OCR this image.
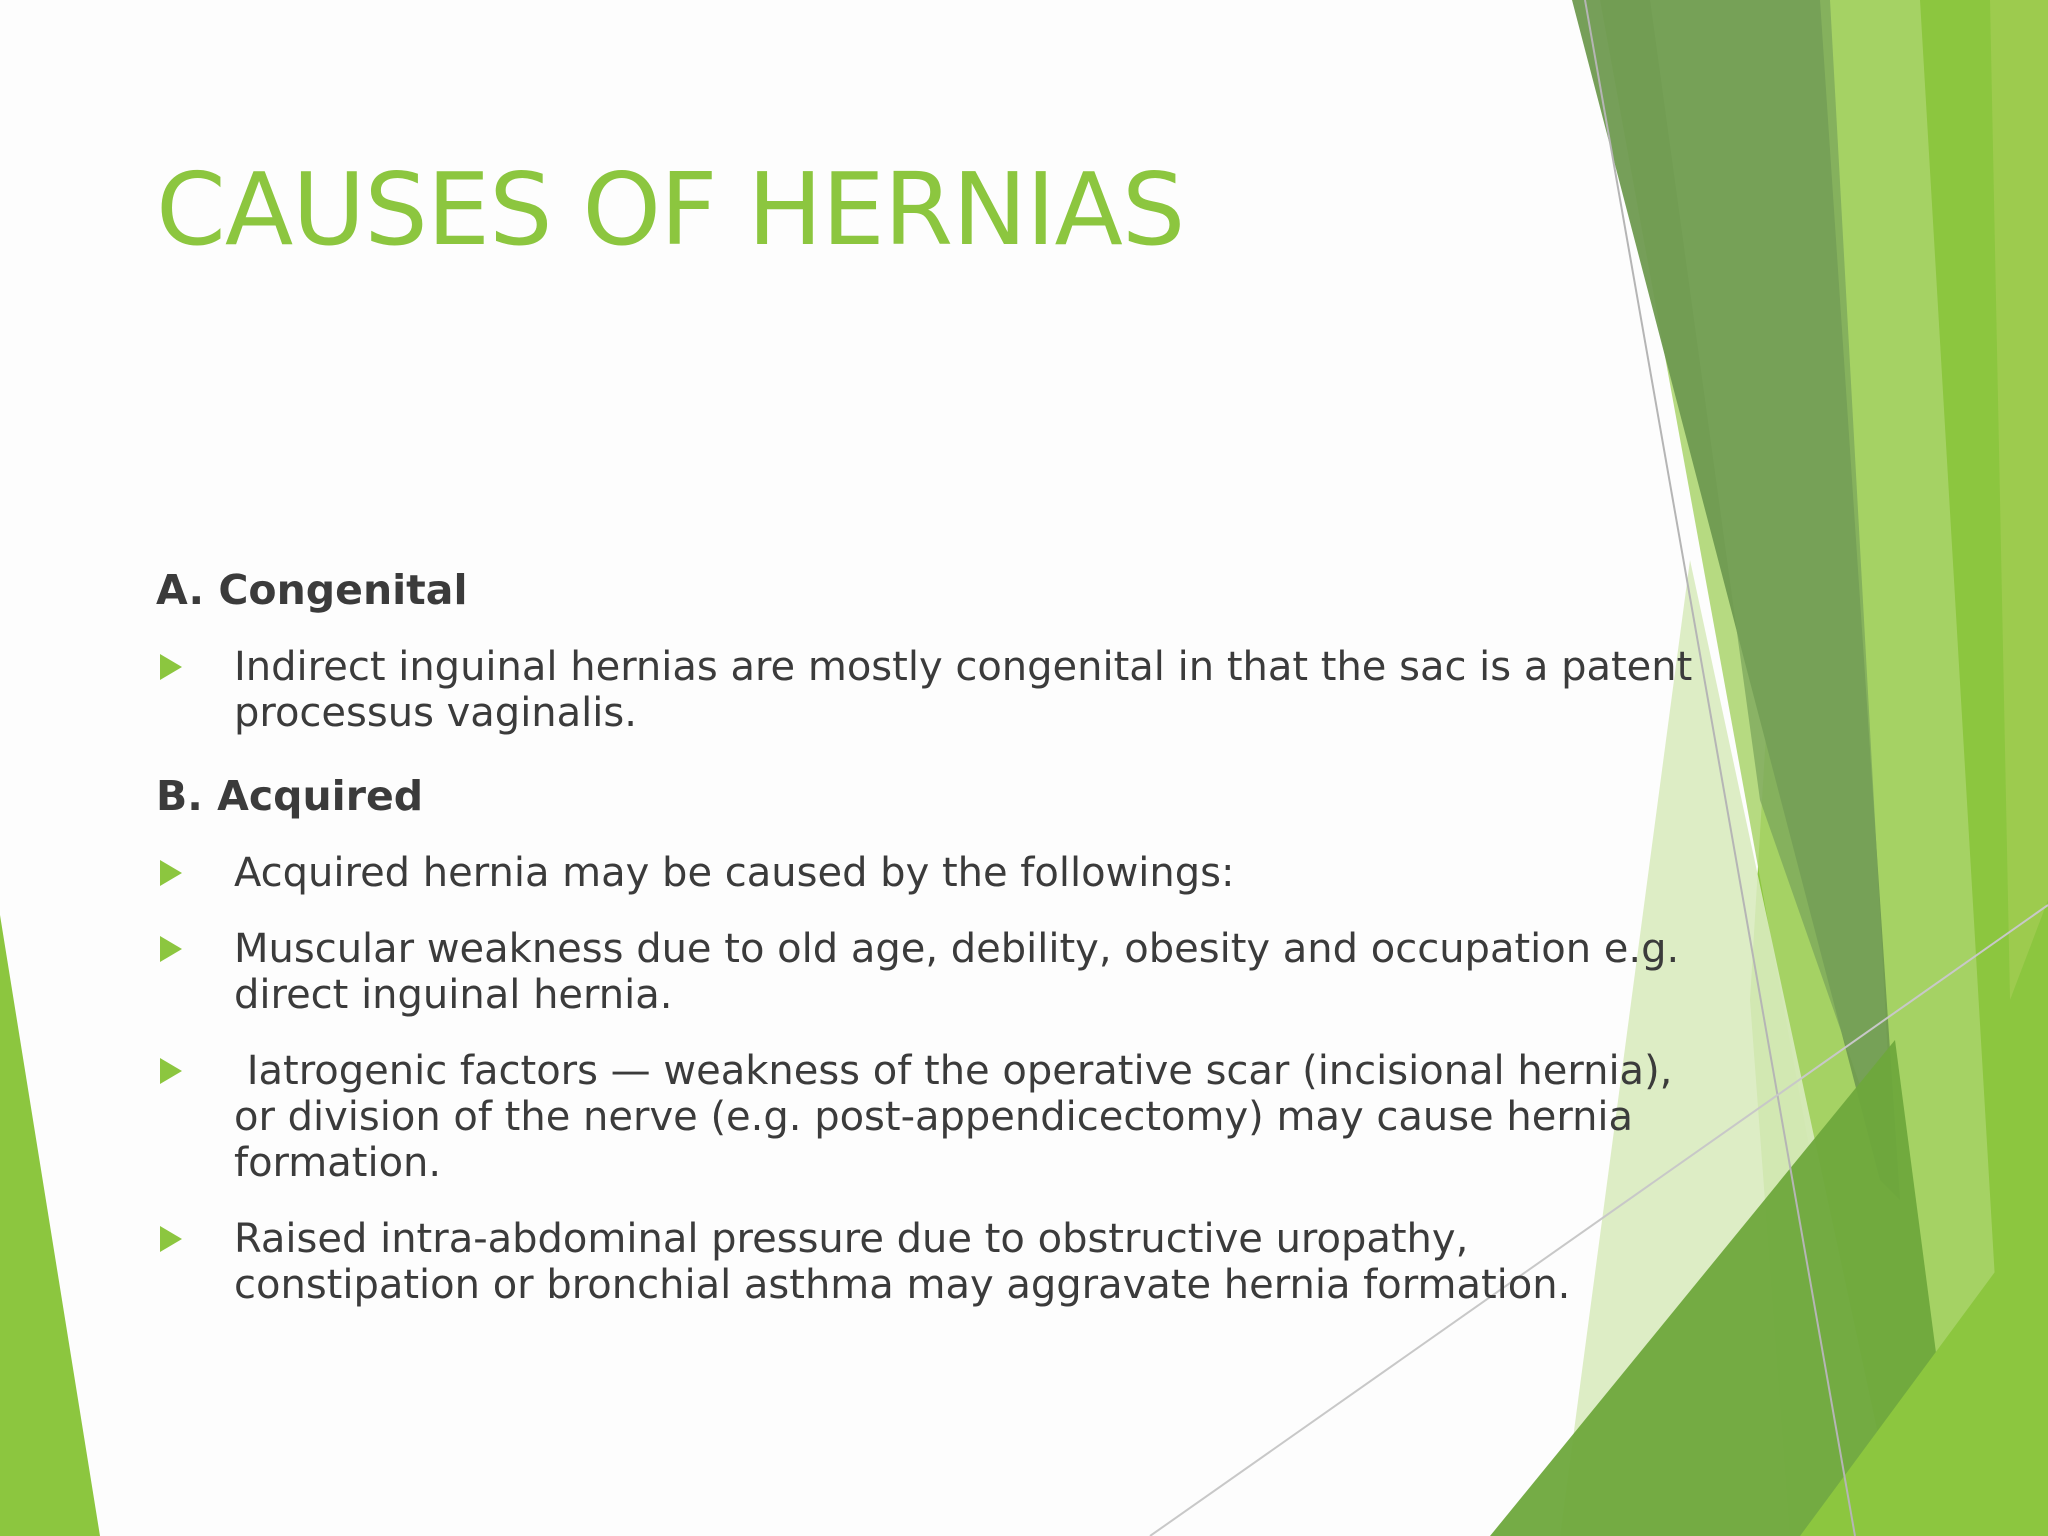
CAUSES OF HERNIAS
A. Congenital
Indirect inguinal hernias are mostly congenital in that the sac is a patent processus vaginalis.
B. Acquired
Acquired hernia may be caused by the followings:
Muscular weakness due to old age, debility, obesity and occupation e.g. direct inguinal hernia.
Iatrogenic factors — weakness of the operative scar (incisional hernia), or division of the nerve (e.g. post-appendicectomy) may cause hernia formation.
Raised intra-abdominal pressure due to obstructive uropathy, constipation or bronchial asthma may aggravate hernia formation.
